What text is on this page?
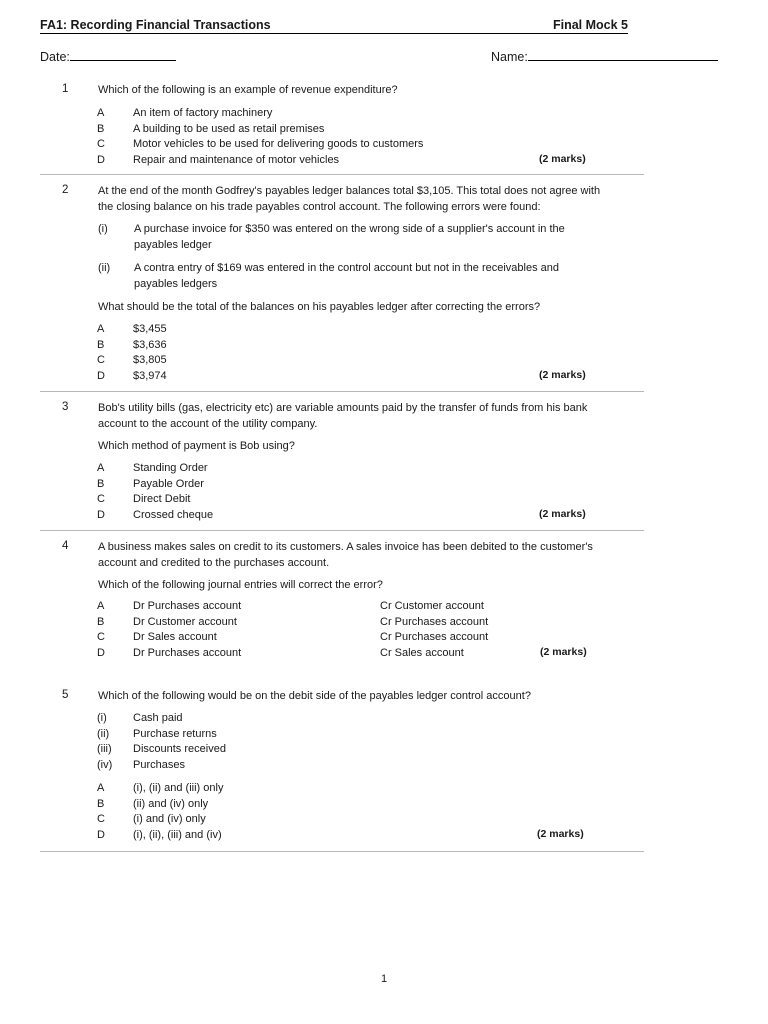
FA1: Recording Financial Transactions	Final Mock 5
Date:	Name:
1	Which of the following is an example of revenue expenditure?
A	An item of factory machinery
B	A building to be used as retail premises
C	Motor vehicles to be used for delivering goods to customers
D	Repair and maintenance of motor vehicles	(2 marks)
2	At the end of the month Godfrey's payables ledger balances total $3,105. This total does not agree with
the closing balance on his trade payables control account. The following errors were found:
(i) A purchase invoice for $350 was entered on the wrong side of a supplier's account in the
payables ledger
(ii) A contra entry of $169 was entered in the control account but not in the receivables and
payables ledgers
What should be the total of the balances on his payables ledger after correcting the errors?
A	$3,455
B	$3,636
C	$3,805
D	$3,974	(2 marks)
3	Bob's utility bills (gas, electricity etc) are variable amounts paid by the transfer of funds from his bank
account to the account of the utility company.
Which method of payment is Bob using?
A	Standing Order
B	Payable Order
C	Direct Debit
D	Crossed cheque	(2 marks)
4	A business makes sales on credit to its customers. A sales invoice has been debited to the customer's
account and credited to the purchases account.
Which of the following journal entries will correct the error?
A	Dr Purchases account	Cr Customer account
B	Dr Customer account	Cr Purchases account
C	Dr Sales account	Cr Purchases account
D	Dr Purchases account	Cr Sales account	(2 marks)
5	Which of the following would be on the debit side of the payables ledger control account?
(i) Cash paid
(ii) Purchase returns
(iii) Discounts received
(iv) Purchases
A	(i), (ii) and (iii) only
B	(ii) and (iv) only
C	(i) and (iv) only
D	(i), (ii), (iii) and (iv)	(2 marks)
1
